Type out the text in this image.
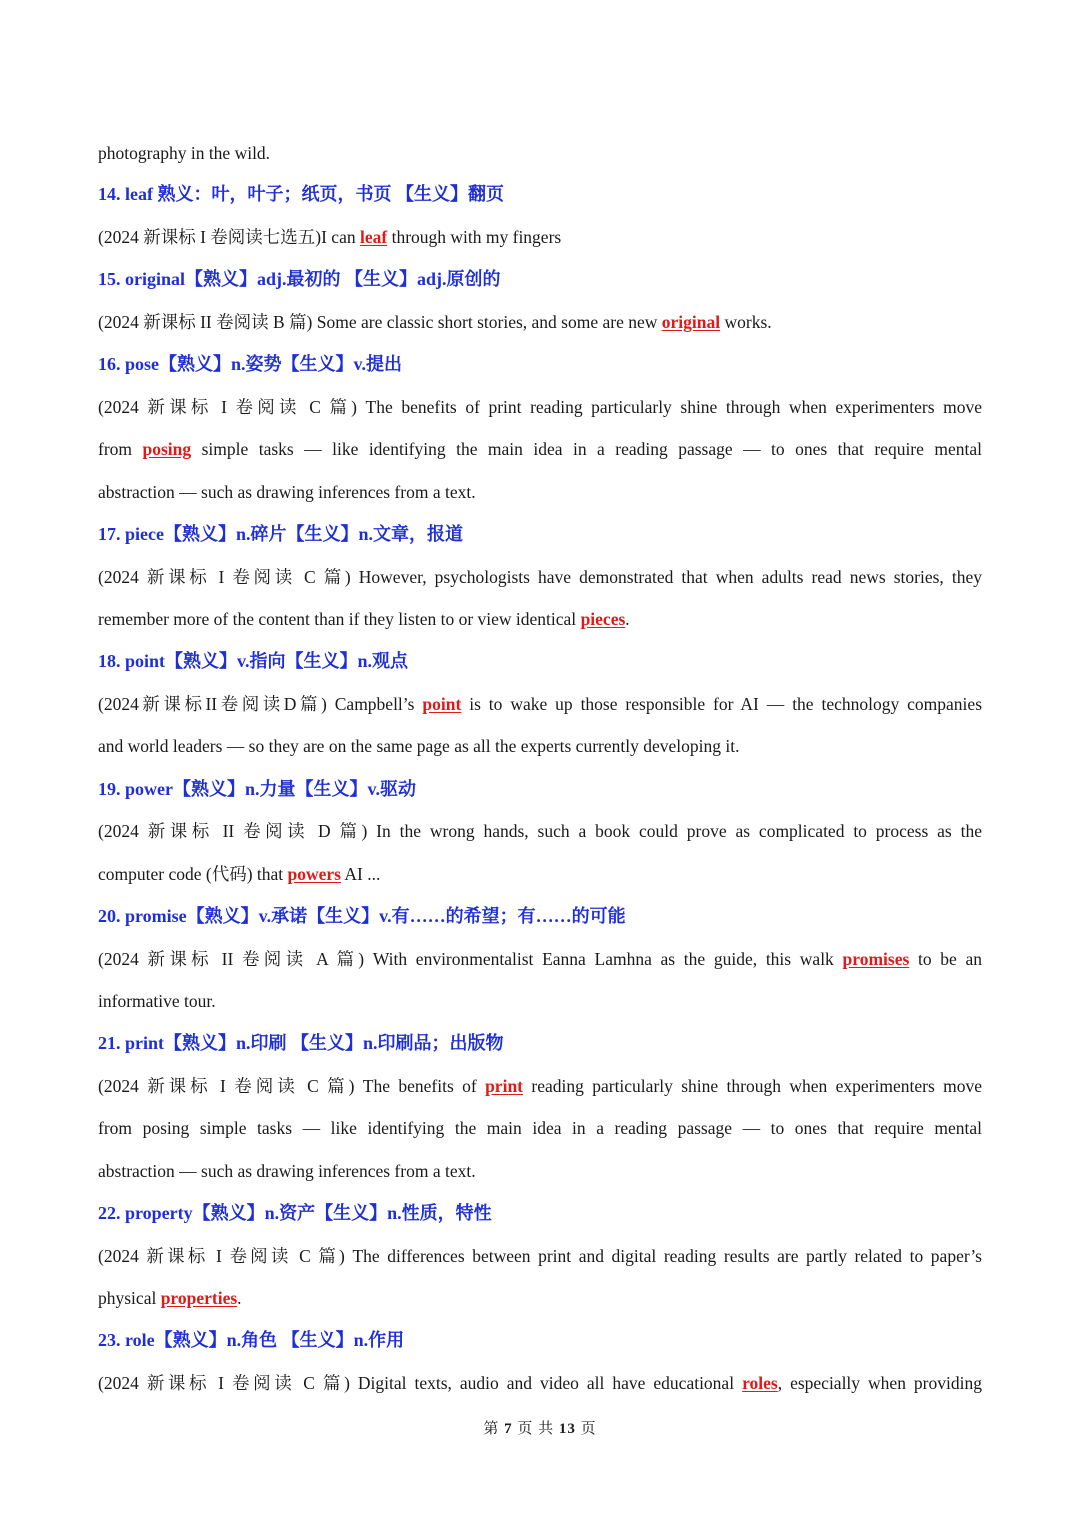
photography in the wild.
14. leaf 熟义：叶，叶子；纸页，书页 【生义】翻页
(2024 新课标 I 卷阅读七选五)I can leaf through with my fingers
15. original【熟义】adj.最初的 【生义】adj.原创的
(2024 新课标 II 卷阅读 B 篇) Some are classic short stories, and some are new original works.
16. pose【熟义】n.姿势【生义】v.提出
(2024 新课标 I 卷阅读 C 篇) The benefits of print reading particularly shine through when experimenters move
from posing simple tasks — like identifying the main idea in a reading passage — to ones that require mental
abstraction — such as drawing inferences from a text.
17. piece【熟义】n.碎片【生义】n.文章，报道
(2024 新课标 I 卷阅读 C 篇) However, psychologists have demonstrated that when adults read news stories, they
remember more of the content than if they listen to or view identical pieces.
18. point【熟义】v.指向【生义】n.观点
(2024新课标II卷阅读D篇) Campbell’s point is to wake up those responsible for AI — the technology companies
and world leaders — so they are on the same page as all the experts currently developing it.
19. power【熟义】n.力量【生义】v.驱动
(2024 新课标 II 卷阅读 D 篇) In the wrong hands, such a book could prove as complicated to process as the
computer code (代码) that powers AI ...
20. promise【熟义】v.承诺【生义】v.有……的希望；有……的可能
(2024 新课标 II 卷阅读 A 篇) With environmentalist Eanna Lamhna as the guide, this walk promises to be an
informative tour.
21. print【熟义】n.印刷 【生义】n.印刷品；出版物
(2024 新课标 I 卷阅读 C 篇) The benefits of print reading particularly shine through when experimenters move
from posing simple tasks — like identifying the main idea in a reading passage — to ones that require mental
abstraction — such as drawing inferences from a text.
22. property【熟义】n.资产【生义】n.性质，特性
(2024 新课标 I 卷阅读 C 篇) The differences between print and digital reading results are partly related to paper’s
physical properties.
23. role【熟义】n.角色 【生义】n.作用
(2024 新课标 I 卷阅读 C 篇) Digital texts, audio and video all have educational roles, especially when providing
第 7 页 共 13 页
